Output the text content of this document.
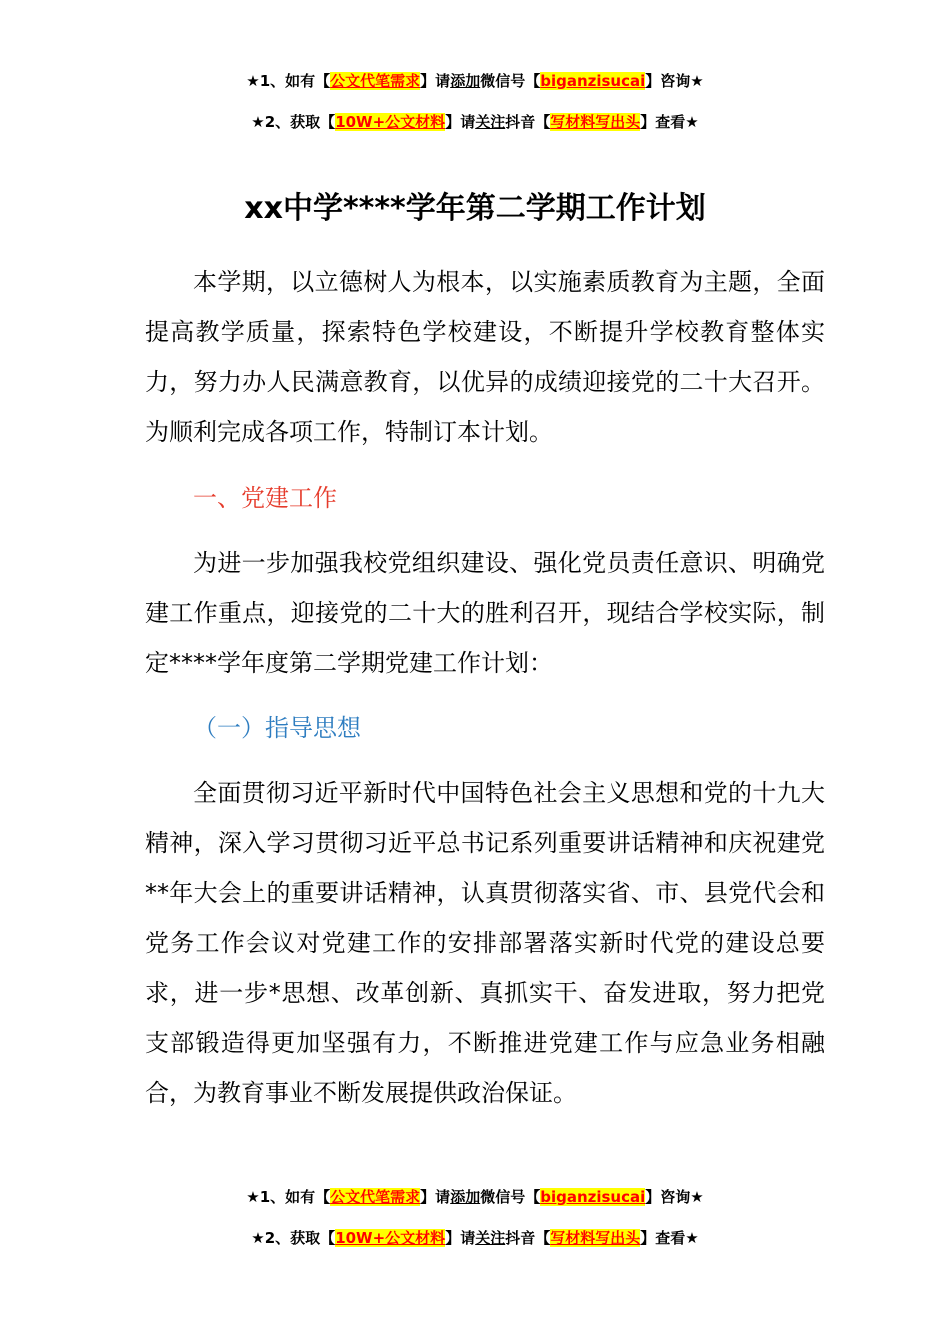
★1、如有【公文代笔需求】请添加微信号【biganzisucai】咨询★
★2、获取【10W+公文材料】请关注抖音【写材料写出头】查看★
xx中学****学年第二学期工作计划

本学期，以立德树人为根本，以实施素质教育为主题，全面提高教学质量，探索特色学校建设，不断提升学校教育整体实力，努力办人民满意教育，以优异的成绩迎接党的二十大召开。为顺利完成各项工作，特制订本计划。

一、党建工作

为进一步加强我校党组织建设、强化党员责任意识、明确党建工作重点，迎接党的二十大的胜利召开，现结合学校实际，制定****学年度第二学期党建工作计划：

（一）指导思想

全面贯彻习近平新时代中国特色社会主义思想和党的十九大精神，深入学习贯彻习近平总书记系列重要讲话精神和庆祝建党**年大会上的重要讲话精神，认真贯彻落实省、市、县党代会和党务工作会议对党建工作的安排部署落实新时代党的建设总要求，进一步*思想、改革创新、真抓实干、奋发进取，努力把党支部锻造得更加坚强有力，不断推进党建工作与应急业务相融合，为教育事业不断发展提供政治保证。

★1、如有【公文代笔需求】请添加微信号【biganzisucai】咨询★
★2、获取【10W+公文材料】请关注抖音【写材料写出头】查看★
